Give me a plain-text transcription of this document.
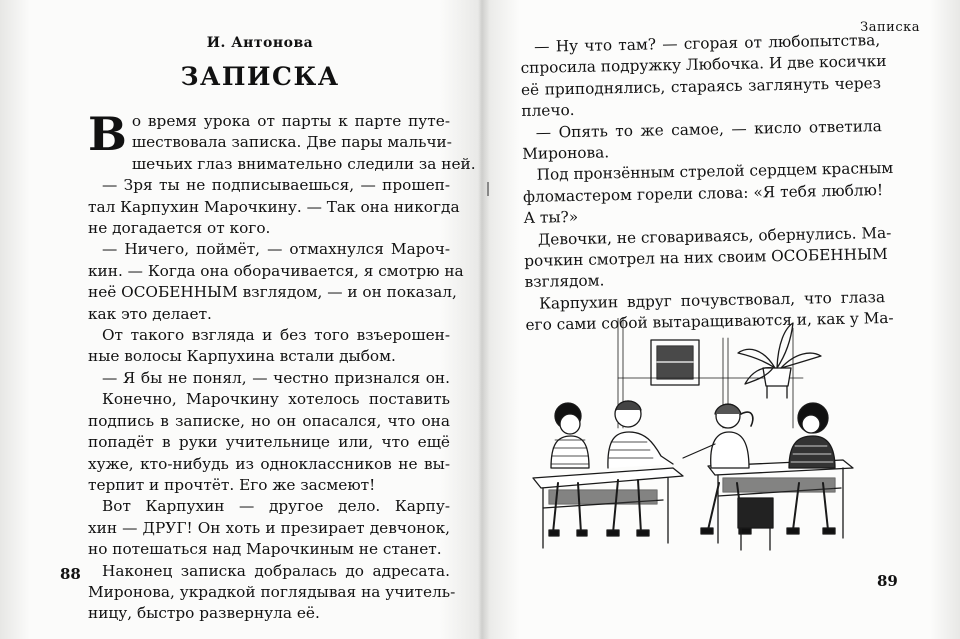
И. Антонова
ЗАПИСКА
В о время урока от парты к парте путе-
шествовала записка. Две пары мальчи-
шечьих глаз внимательно следили за ней.
— Зря ты не подписываешься, — прошеп-
тал Карпухин Марочкину. — Так она никогда
не догадается от кого.
— Ничего, поймёт, — отмахнулся Мароч-
кин. — Когда она оборачивается, я смотрю на
неё ОСОБЕННЫМ взглядом, — и он показал,
как это делает.
От такого взгляда и без того взъерошен-
ные волосы Карпухина встали дыбом.
— Я бы не понял, — честно признался он.
Конечно, Марочкину хотелось поставить
подпись в записке, но он опасался, что она
попадёт в руки учительнице или, что ещё
хуже, кто-нибудь из одноклассников не вы-
терпит и прочтёт. Его же засмеют!
Вот Карпухин — другое дело. Карпу-
хин — ДРУГ! Он хоть и презирает девчонок,
но потешаться над Марочкиным не станет.
Наконец записка добралась до адресата.
Миронова, украдкой поглядывая на учитель-
ницу, быстро развернула её.
88
Записка
— Ну что там? — сгорая от любопытства,
спросила подружку Любочка. И две косички
её приподнялись, стараясь заглянуть через
плечо.
— Опять то же самое, — кисло ответила
Миронова.
Под пронзённым стрелой сердцем красным
фломастером горели слова: «Я тебя люблю!
А ты?»
Девочки, не сговариваясь, обернулись. Ма-
рочкин смотрел на них своим ОСОБЕННЫМ
взглядом.
Карпухин вдруг почувствовал, что глаза
его сами собой вытаращиваются и, как у Ма-
89
